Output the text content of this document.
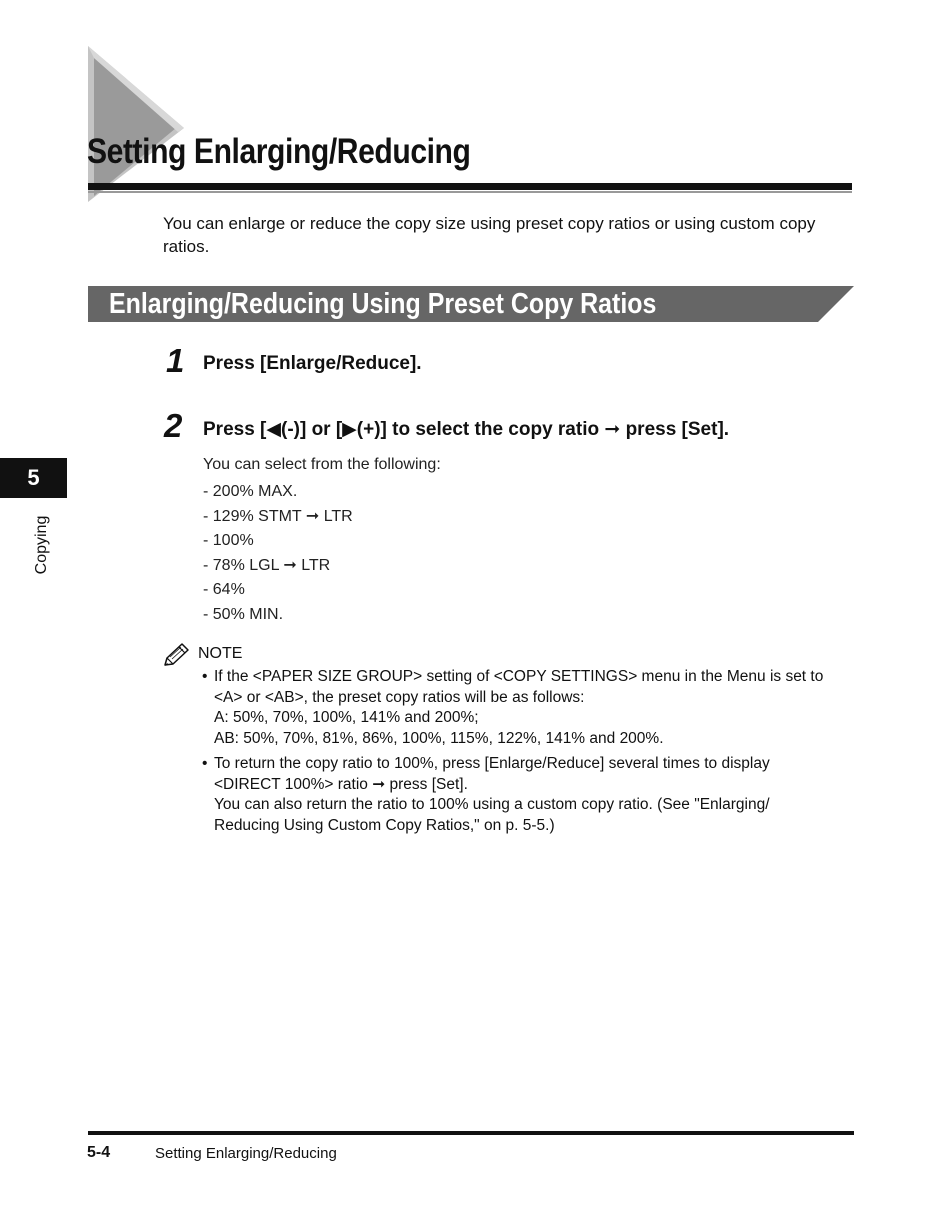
Setting Enlarging/Reducing

You can enlarge or reduce the copy size using preset copy ratios or using custom copy ratios.

Enlarging/Reducing Using Preset Copy Ratios
1 Press [Enlarge/Reduce].
2 Press [◀(-)] or [▶(+)] to select the copy ratio ➞ press [Set].
You can select from the following:
- 200% MAX.
- 129% STMT ➞ LTR
- 100%
- 78% LGL ➞ LTR
- 64%
- 50% MIN.
NOTE
• If the <PAPER SIZE GROUP> setting of <COPY SETTINGS> menu in the Menu is set to
<A> or <AB>, the preset copy ratios will be as follows:
A: 50%, 70%, 100%, 141% and 200%;
AB: 50%, 70%, 81%, 86%, 100%, 115%, 122%, 141% and 200%.
• To return the copy ratio to 100%, press [Enlarge/Reduce] several times to display
<DIRECT 100%> ratio ➞ press [Set].
You can also return the ratio to 100% using a custom copy ratio. (See "Enlarging/
Reducing Using Custom Copy Ratios," on p. 5-5.)
5
Copying
5-4	Setting Enlarging/Reducing
